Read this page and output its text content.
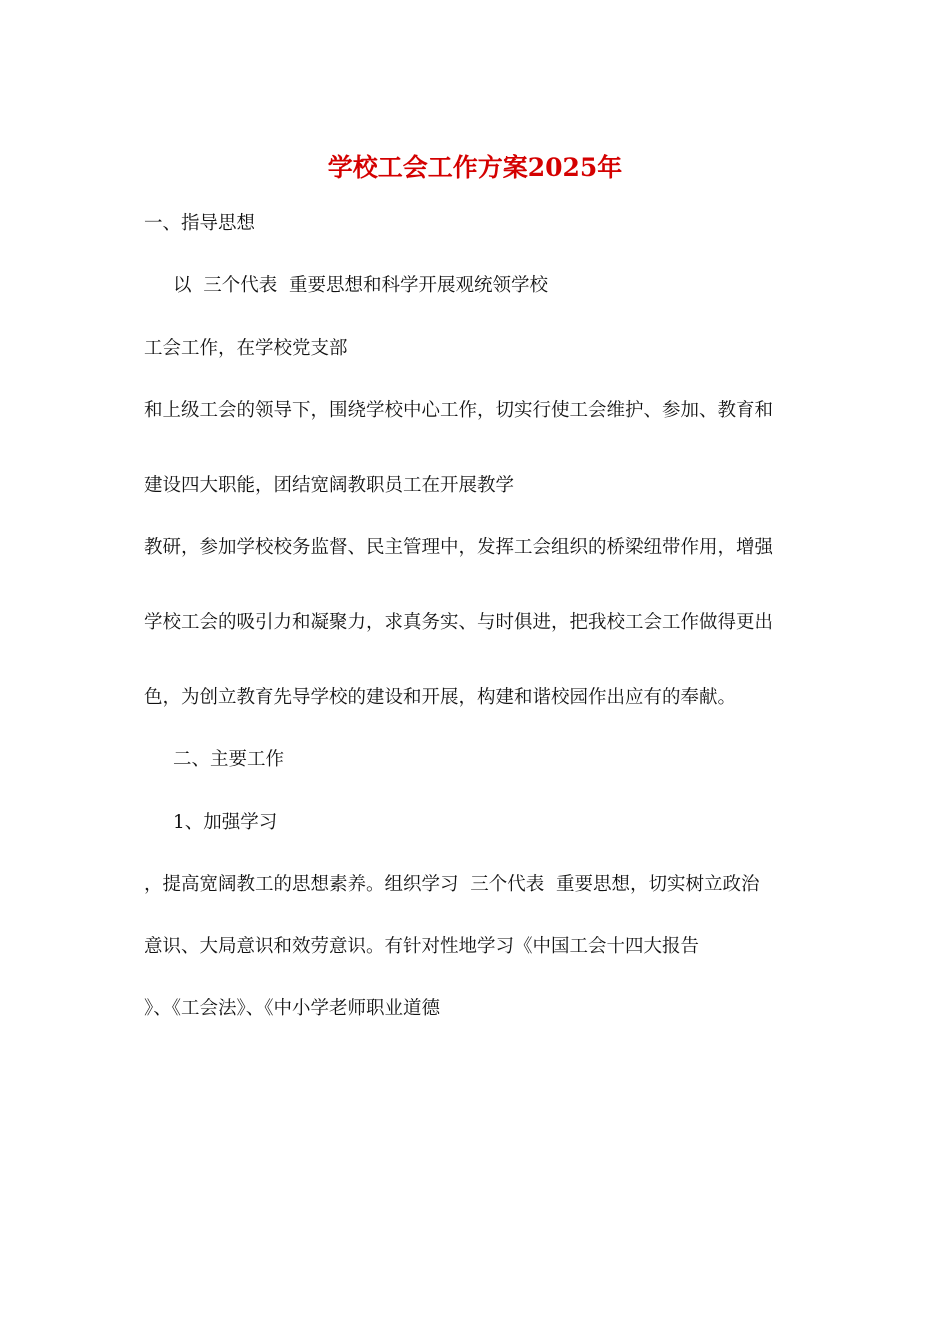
学校工会工作方案2025年
一、指导思想
以  三个代表  重要思想和科学开展观统领学校
工会工作，在学校党支部
和上级工会的领导下，围绕学校中心工作，切实行使工会维护、参加、教育和
建设四大职能，团结宽阔教职员工在开展教学
教研，参加学校校务监督、民主管理中，发挥工会组织的桥梁纽带作用，增强
学校工会的吸引力和凝聚力，求真务实、与时俱进，把我校工会工作做得更出
色，为创立教育先导学校的建设和开展，构建和谐校园作出应有的奉献。
二、主要工作
1、加强学习
，提高宽阔教工的思想素养。组织学习  三个代表  重要思想，切实树立政治
意识、大局意识和效劳意识。有针对性地学习《中国工会十四大报告
》、《工会法》、《中小学老师职业道德
